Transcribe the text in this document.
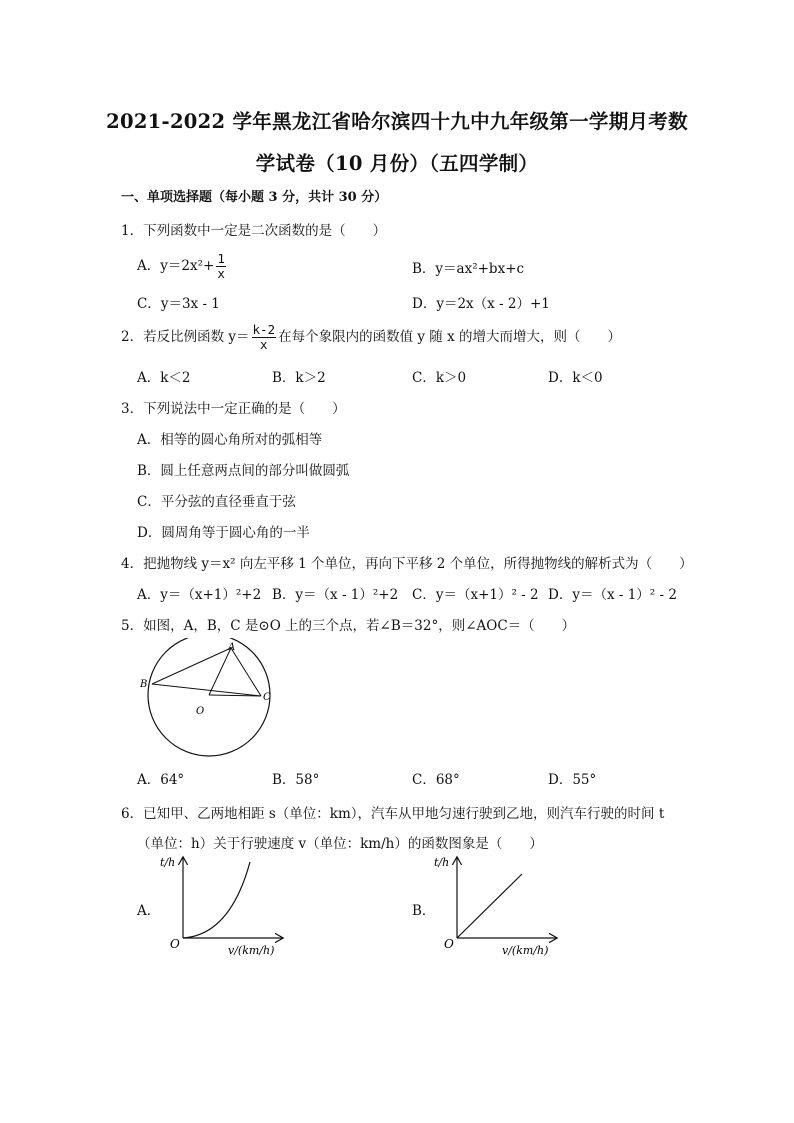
2021-2022 学年黑龙江省哈尔滨四十九中九年级第一学期月考数
学试卷（10 月份）（五四学制）
一、单项选择题（每小题 3 分，共计 30 分）
1．下列函数中一定是二次函数的是（　　）
A．$y=2x^2+ \frac{1}{x}$	B．y＝ax²+bx+c
C．y＝3x - 1	D．y＝2x（x - 2）+1
2．若反比例函数 $y= \frac{k-2}{x}$ 在每个象限内的函数值 y 随 x 的增大而增大，则（　　）
A．k＜2	B．k＞2	C．k＞0	D．k＜0
3．下列说法中一定正确的是（　　）
A．相等的圆心角所对的弧相等
B．圆上任意两点间的部分叫做圆弧
C．平分弦的直径垂直于弦
D．圆周角等于圆心角的一半
4．把抛物线 y＝x² 向左平移 1 个单位，再向下平移 2 个单位，所得抛物线的解析式为（　　）
A．y＝（x+1）²+2 B．y＝（x - 1）²+2 C．y＝（x+1）² - 2 D．y＝（x - 1）² - 2
5．如图，A，B，C 是⊙O 上的三个点，若∠B＝32°，则∠AOC＝（　　）
A
B
C
O
A．64°	B．58°	C．68°	D．55°
6．已知甲、乙两地相距 s（单位：km），汽车从甲地匀速行驶到乙地，则汽车行驶的时间 t
（单位：h）关于行驶速度 v（单位：km/h）的函数图象是（　　）
A．
t/h
O	v/(km/h)
B．
t/h
O	v/(km/h)
